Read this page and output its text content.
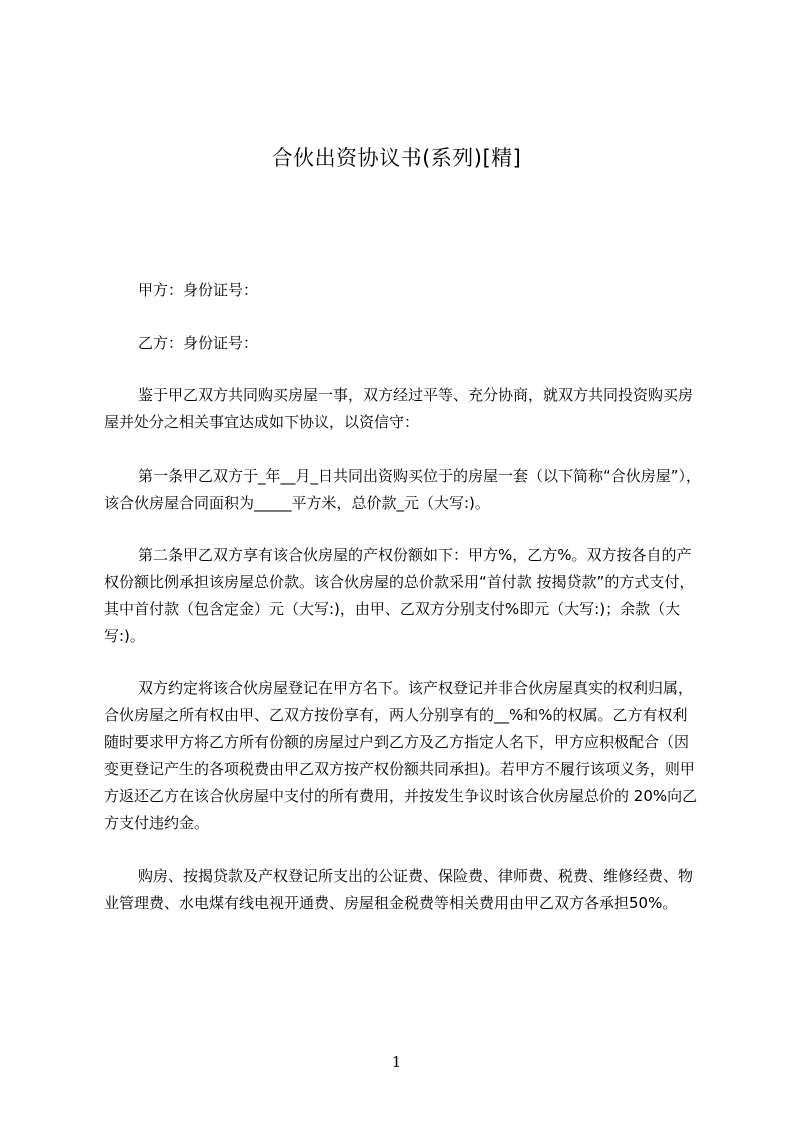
合伙出资协议书(系列)[精]

甲方：身份证号：

乙方：身份证号：

鉴于甲乙双方共同购买房屋一事，双方经过平等、充分协商，就双方共同投资购买房屋并处分之相关事宜达成如下协议，以资信守：

第一条甲乙双方于_年__月_日共同出资购买位于的房屋一套（以下简称“合伙房屋”），该合伙房屋合同面积为_____平方米，总价款_元（大写:)。

第二条甲乙双方享有该合伙房屋的产权份额如下：甲方%，乙方%。双方按各自的产权份额比例承担该房屋总价款。该合伙房屋的总价款采用“首付款 按揭贷款”的方式支付，其中首付款（包含定金）元（大写:)，由甲、乙双方分别支付%即元（大写:)；余款（大写:)。

双方约定将该合伙房屋登记在甲方名下。该产权登记并非合伙房屋真实的权利归属，合伙房屋之所有权由甲、乙双方按份享有，两人分别享有的__%和%的权属。乙方有权利随时要求甲方将乙方所有份额的房屋过户到乙方及乙方指定人名下，甲方应积极配合（因变更登记产生的各项税费由甲乙双方按产权份额共同承担)。若甲方不履行该项义务，则甲方返还乙方在该合伙房屋中支付的所有费用，并按发生争议时该合伙房屋总价的 20%向乙方支付违约金。

购房、按揭贷款及产权登记所支出的公证费、保险费、律师费、税费、维修经费、物业管理费、水电煤有线电视开通费、房屋租金税费等相关费用由甲乙双方各承担50%。

1
